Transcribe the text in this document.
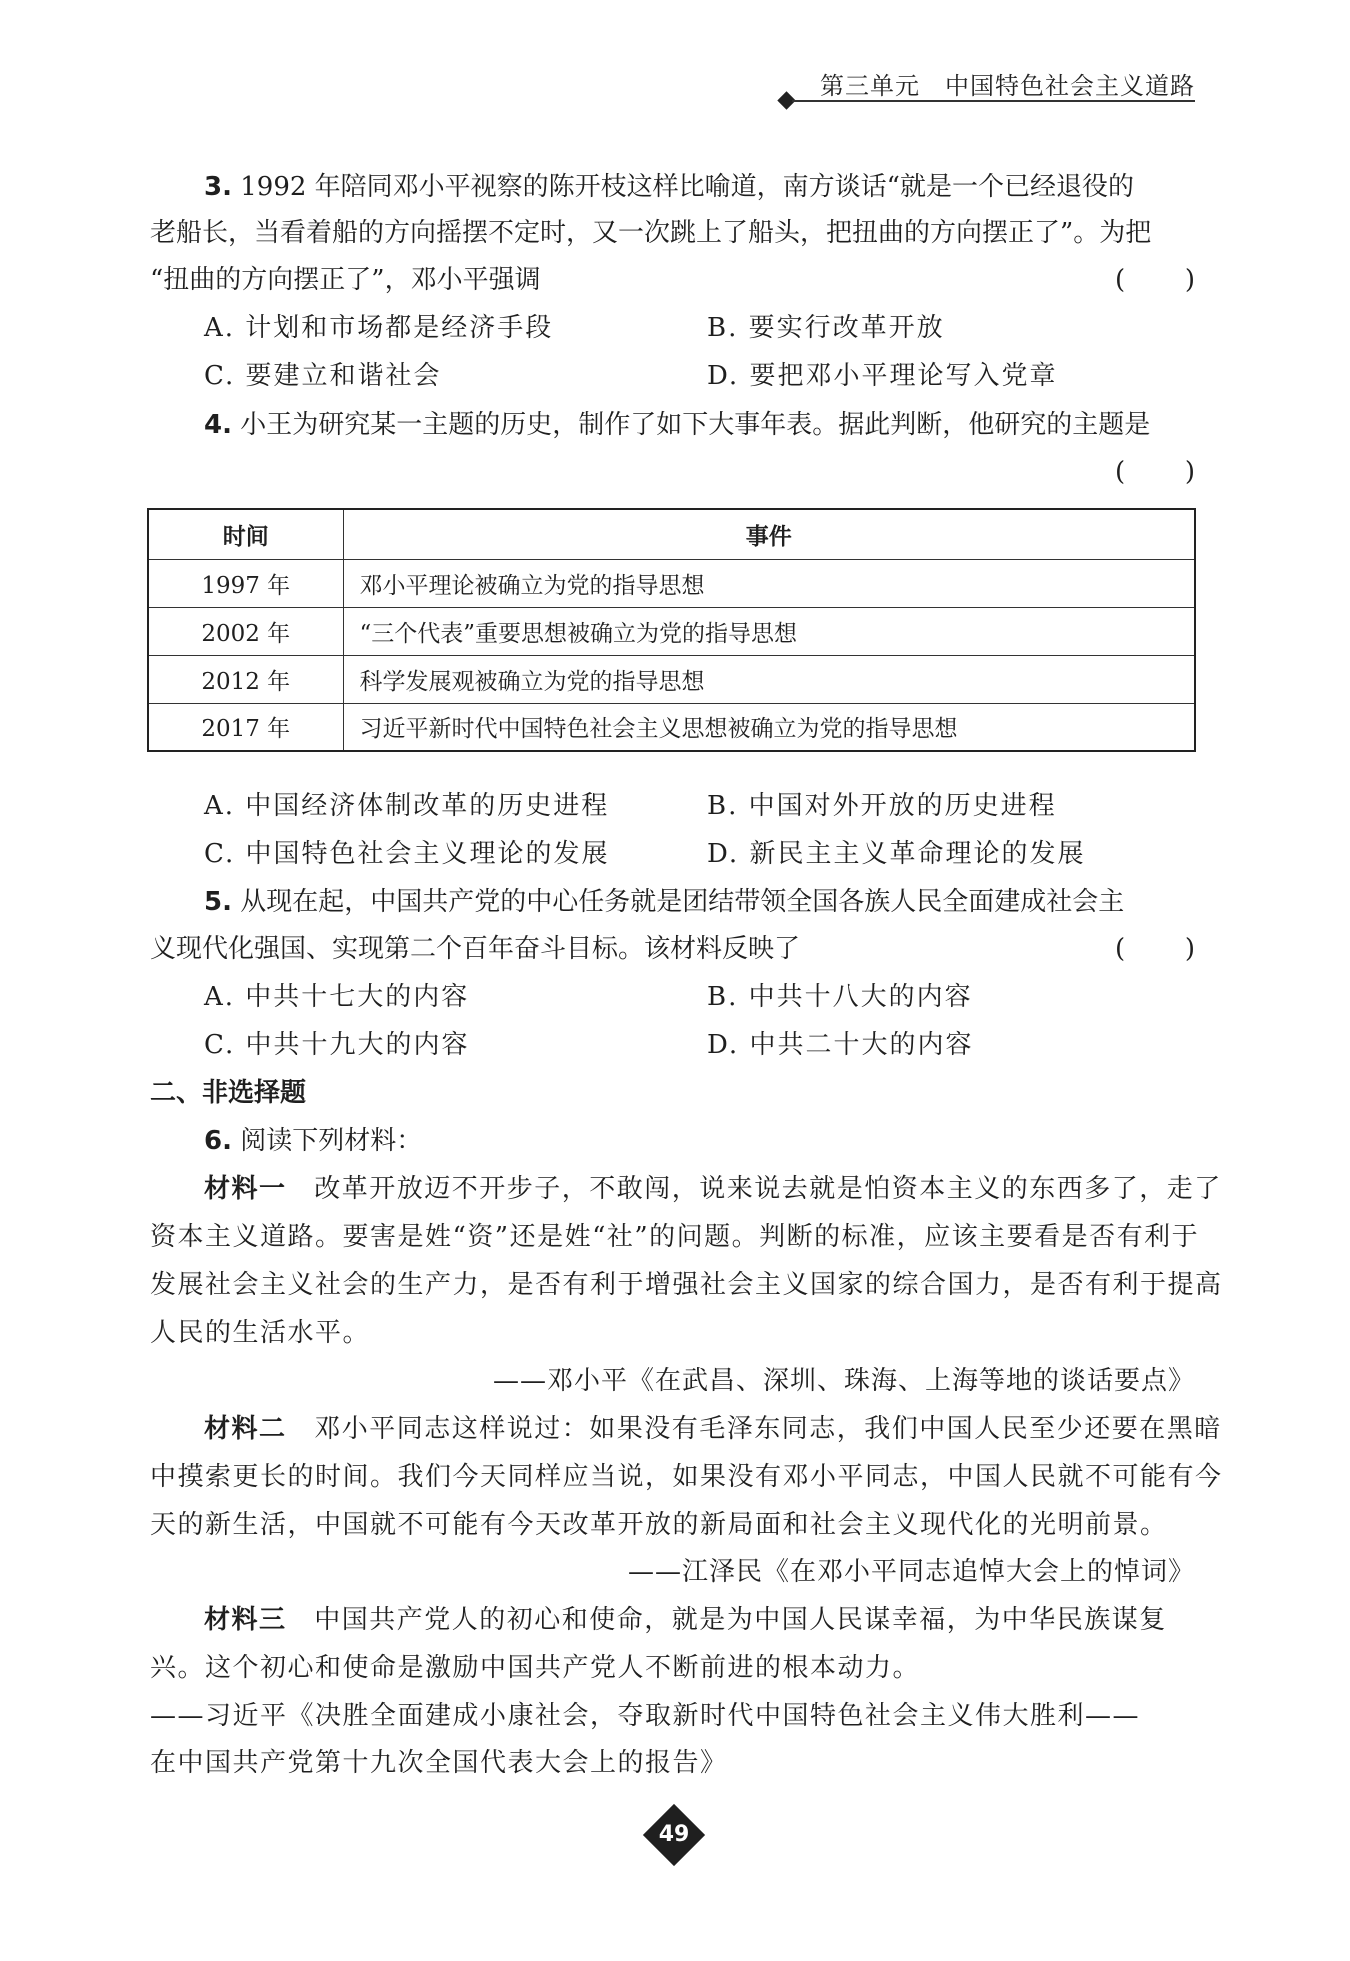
第三单元　中国特色社会主义道路
3. 1992 年陪同邓小平视察的陈开枝这样比喻道，南方谈话“就是一个已经退役的
老船长，当看着船的方向摇摆不定时，又一次跳上了船头，把扭曲的方向摆正了”。为把
“扭曲的方向摆正了”，邓小平强调	( )
A. 计划和市场都是经济手段	B. 要实行改革开放
C. 要建立和谐社会	D. 要把邓小平理论写入党章
4. 小王为研究某一主题的历史，制作了如下大事年表。据此判断，他研究的主题是
( )
时间	事件
1997 年	邓小平理论被确立为党的指导思想
2002 年	“三个代表”重要思想被确立为党的指导思想
2012 年	科学发展观被确立为党的指导思想
2017 年	习近平新时代中国特色社会主义思想被确立为党的指导思想
A. 中国经济体制改革的历史进程	B. 中国对外开放的历史进程
C. 中国特色社会主义理论的发展	D. 新民主主义革命理论的发展
5. 从现在起，中国共产党的中心任务就是团结带领全国各族人民全面建成社会主
义现代化强国、实现第二个百年奋斗目标。该材料反映了	( )
A. 中共十七大的内容	B. 中共十八大的内容
C. 中共十九大的内容	D. 中共二十大的内容
二、非选择题
6. 阅读下列材料：
材料一 改革开放迈不开步子，不敢闯，说来说去就是怕资本主义的东西多了，走了
资本主义道路。要害是姓“资”还是姓“社”的问题。判断的标准，应该主要看是否有利于
发展社会主义社会的生产力，是否有利于增强社会主义国家的综合国力，是否有利于提高
人民的生活水平。
——邓小平《在武昌、深圳、珠海、上海等地的谈话要点》
材料二 邓小平同志这样说过：如果没有毛泽东同志，我们中国人民至少还要在黑暗
中摸索更长的时间。我们今天同样应当说，如果没有邓小平同志，中国人民就不可能有今
天的新生活，中国就不可能有今天改革开放的新局面和社会主义现代化的光明前景。
——江泽民《在邓小平同志追悼大会上的悼词》
材料三 中国共产党人的初心和使命，就是为中国人民谋幸福，为中华民族谋复
兴。这个初心和使命是激励中国共产党人不断前进的根本动力。
——习近平《决胜全面建成小康社会，夺取新时代中国特色社会主义伟大胜利——
在中国共产党第十九次全国代表大会上的报告》
49
